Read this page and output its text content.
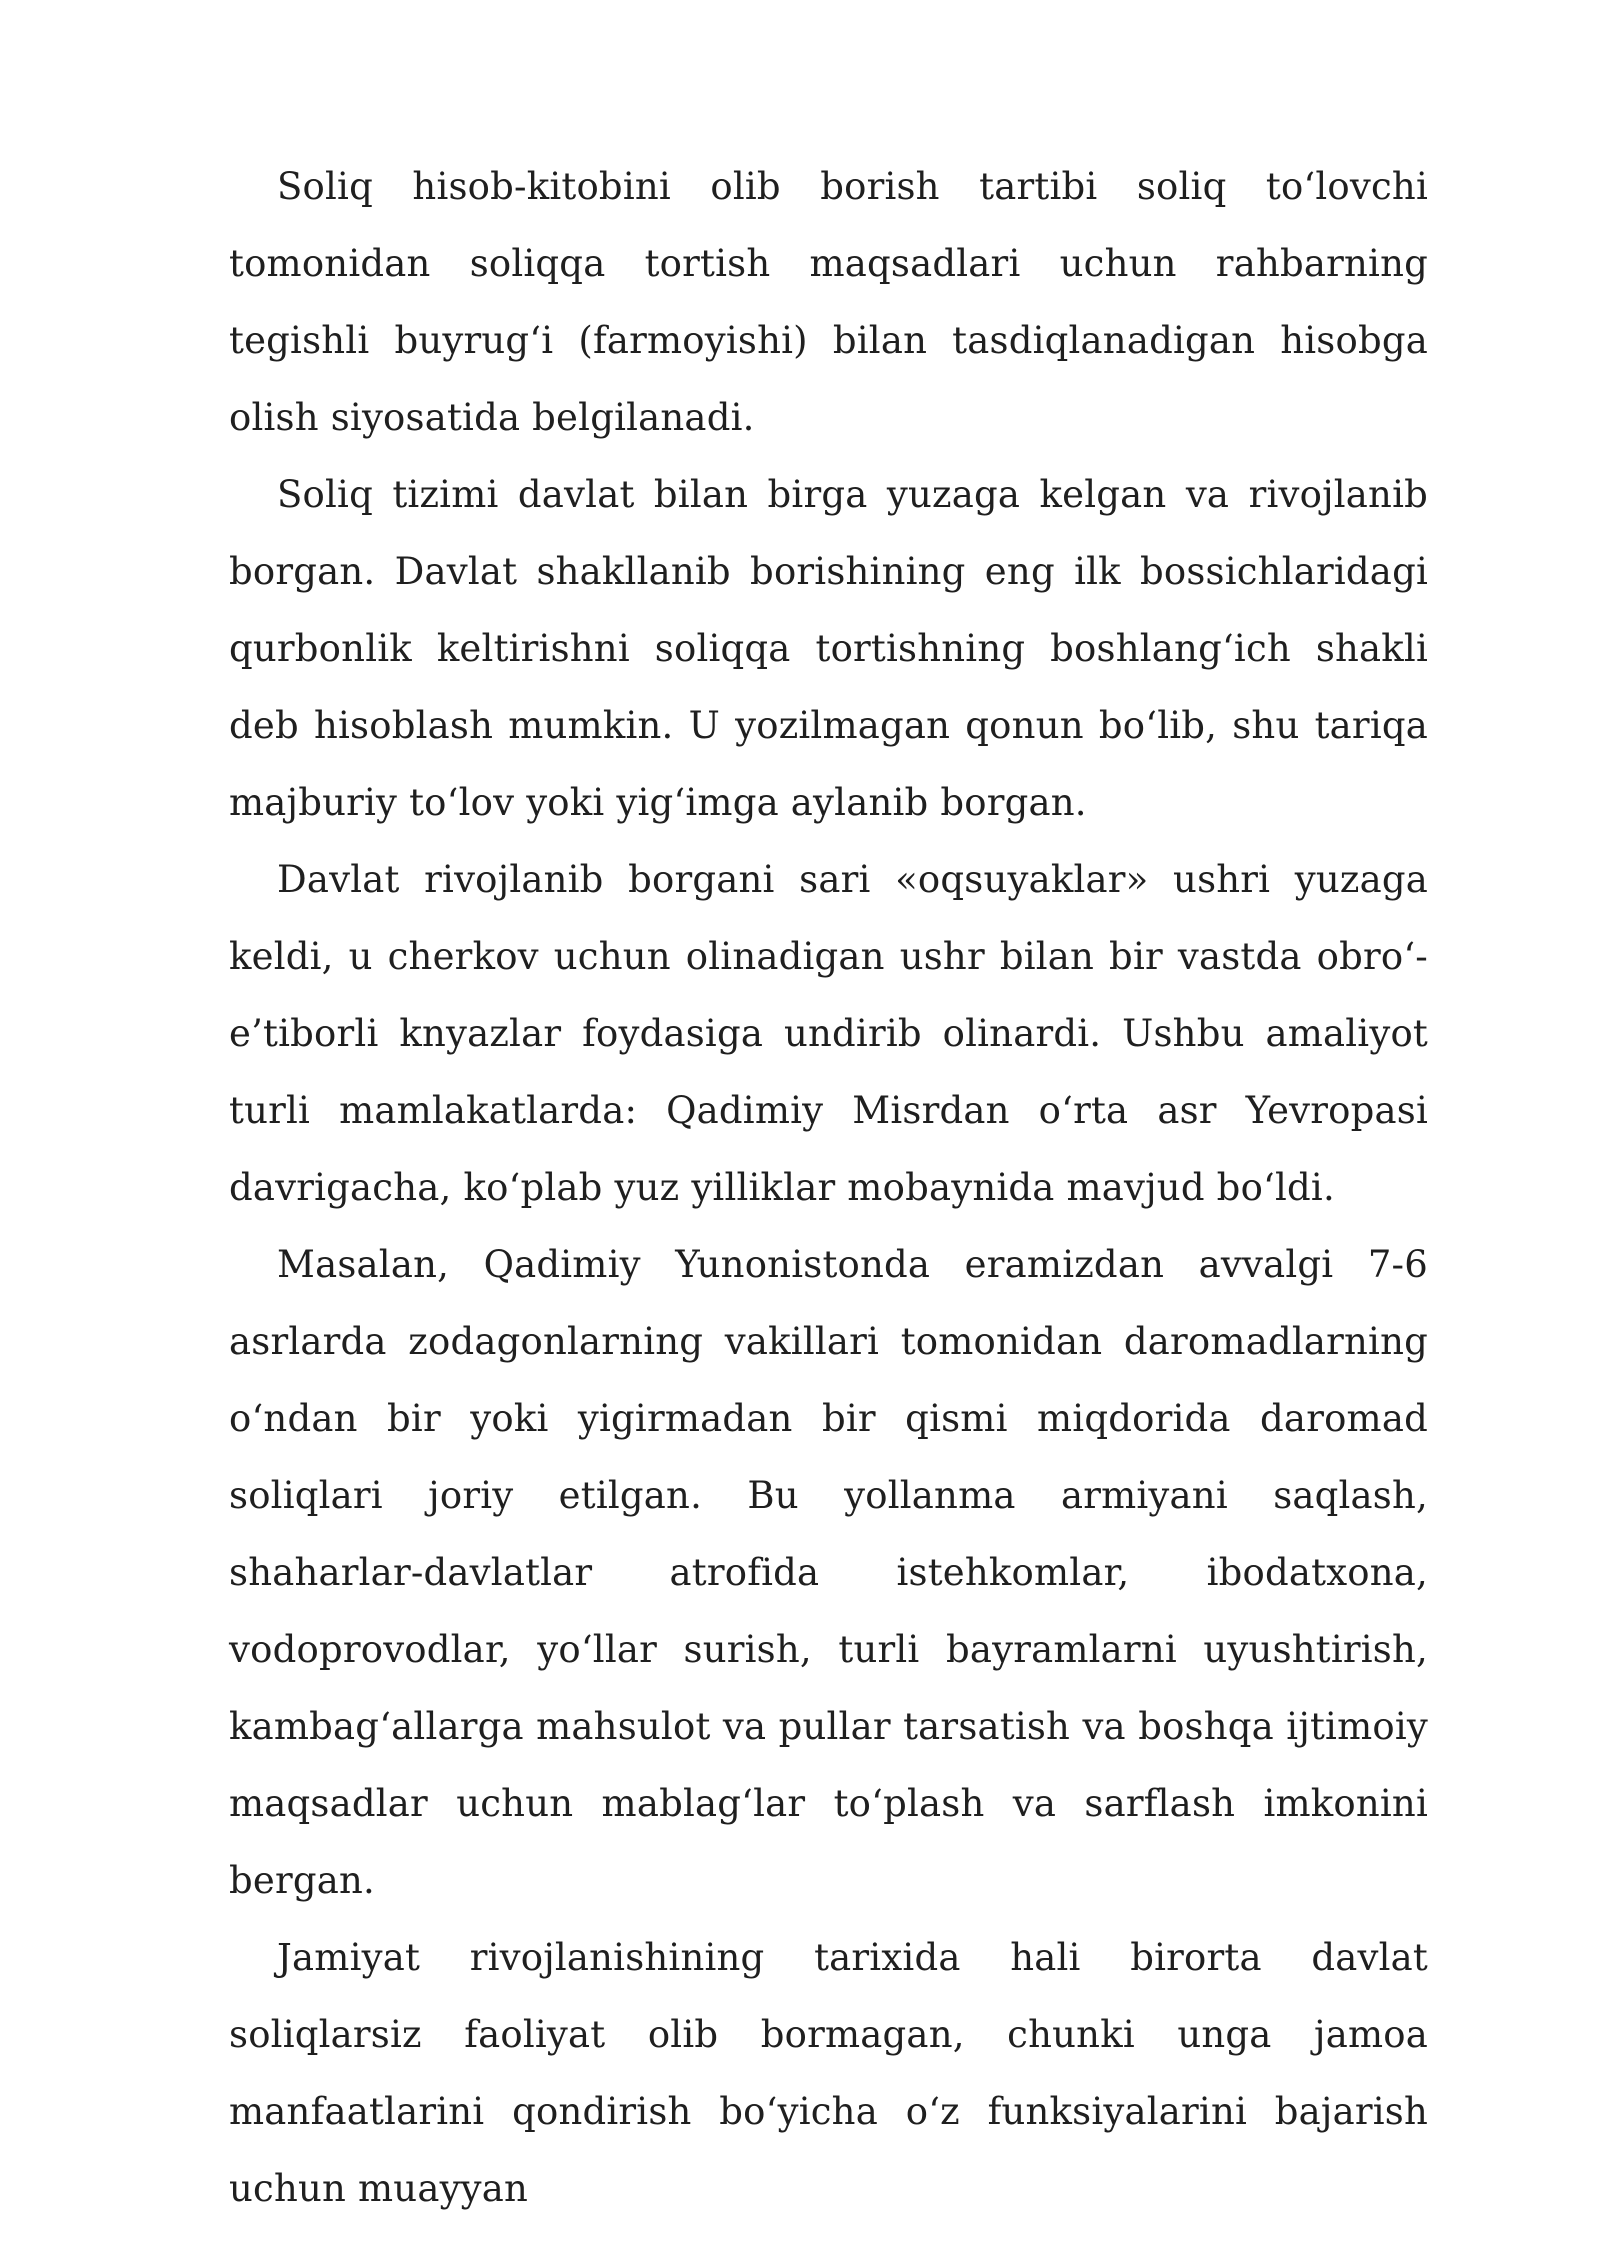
Soliq hisob-kitobini olib borish tartibi soliq to‘lovchi tomonidan soliqqa tortish maqsadlari uchun rahbarning tegishli buyrug‘i (farmoyishi) bilan tasdiqlanadigan hisobga olish siyosatida belgilanadi.

Soliq tizimi davlat bilan birga yuzaga kelgan va rivojlanib borgan. Davlat shakllanib borishining eng ilk bossichlaridagi qurbonlik keltirishni soliqqa tortishning boshlang‘ich shakli deb hisoblash mumkin. U yozilmagan qonun bo‘lib, shu tariqa majburiy to‘lov yoki yig‘imga aylanib borgan.

Davlat rivojlanib borgani sari «oqsuyaklar» ushri yuzaga keldi, u cherkov uchun olinadigan ushr bilan bir vastda obro‘-e’tiborli knyazlar foydasiga undirib olinardi. Ushbu amaliyot turli mamlakatlarda: Qadimiy Misrdan o‘rta asr Yevropasi davrigacha, ko‘plab yuz yilliklar mobaynida mavjud bo‘ldi.

Masalan, Qadimiy Yunonistonda eramizdan avvalgi 7-6 asrlarda zodagonlarning vakillari tomonidan daromadlarning o‘ndan bir yoki yigirmadan bir qismi miqdorida daromad soliqlari joriy etilgan. Bu yollanma armiyani saqlash, shaharlar-davlatlar atrofida istehkomlar, ibodatxona, vodoprovodlar, yo‘llar surish, turli bayramlarni uyushtirish, kambag‘allarga mahsulot va pullar tarsatish va boshqa ijtimoiy maqsadlar uchun mablag‘lar to‘plash va sarflash imkonini bergan.

Jamiyat rivojlanishining tarixida hali birorta davlat soliqlarsiz faoliyat olib bormagan, chunki unga jamoa manfaatlarini qondirish bo‘yicha o‘z funksiyalarini bajarish uchun muayyan
